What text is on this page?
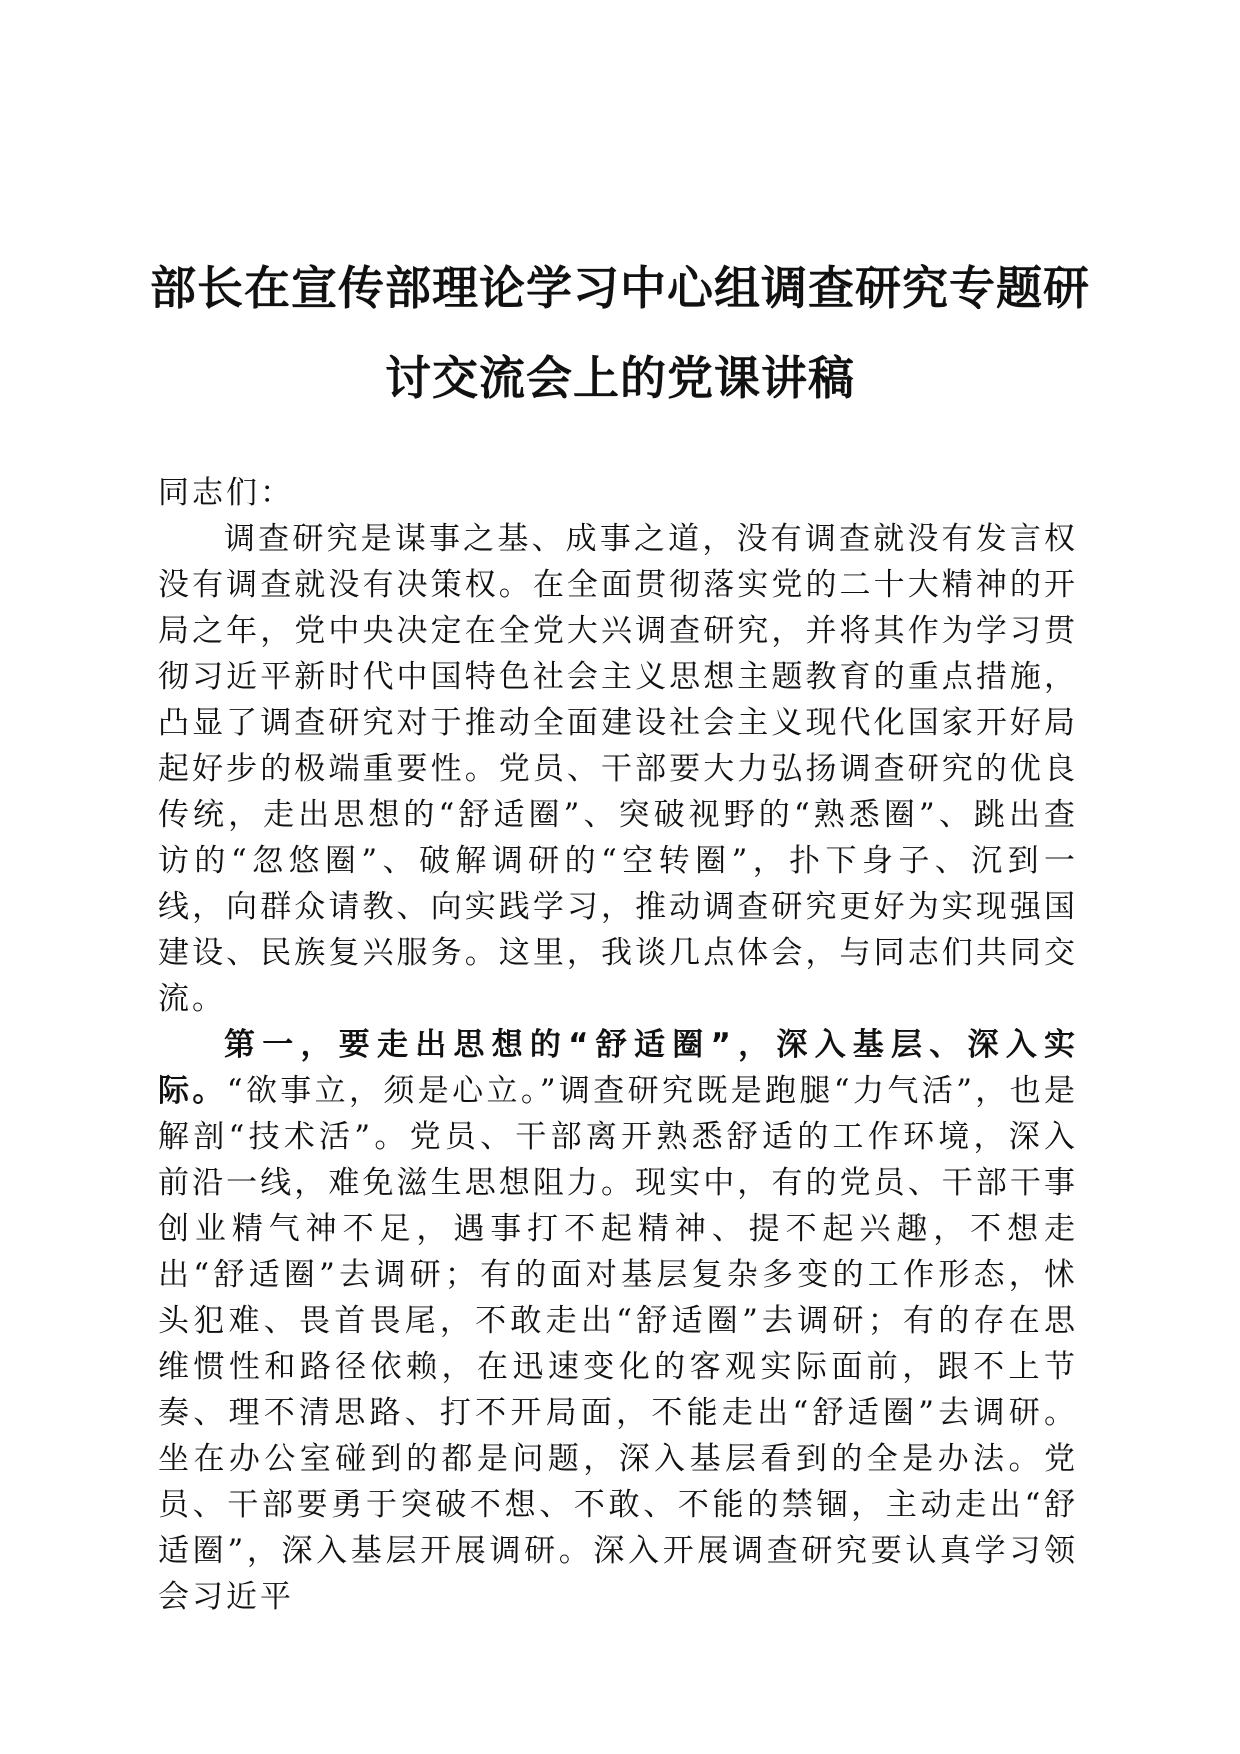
部长在宣传部理论学习中心组调查研究专题研
讨交流会上的党课讲稿

同志们：

调查研究是谋事之基、成事之道，没有调查就没有发言权没有调查就没有决策权。在全面贯彻落实党的二十大精神的开局之年，党中央决定在全党大兴调查研究，并将其作为学习贯彻习近平新时代中国特色社会主义思想主题教育的重点措施，凸显了调查研究对于推动全面建设社会主义现代化国家开好局起好步的极端重要性。党员、干部要大力弘扬调查研究的优良传统，走出思想的“舒适圈”、突破视野的“熟悉圈”、跳出查访的“忽悠圈”、破解调研的“空转圈”，扑下身子、沉到一线，向群众请教、向实践学习，推动调查研究更好为实现强国建设、民族复兴服务。这里，我谈几点体会，与同志们共同交流。

第一，要走出思想的“舒适圈”，深入基层、深入实际。“欲事立，须是心立。”调查研究既是跑腿“力气活”，也是解剖“技术活”。党员、干部离开熟悉舒适的工作环境，深入前沿一线，难免滋生思想阻力。现实中，有的党员、干部干事创业精气神不足，遇事打不起精神、提不起兴趣，不想走出“舒适圈”去调研；有的面对基层复杂多变的工作形态，怵头犯难、畏首畏尾，不敢走出“舒适圈”去调研；有的存在思维惯性和路径依赖，在迅速变化的客观实际面前，跟不上节奏、理不清思路、打不开局面，不能走出“舒适圈”去调研。坐在办公室碰到的都是问题，深入基层看到的全是办法。党员、干部要勇于突破不想、不敢、不能的禁锢，主动走出“舒适圈”，深入基层开展调研。深入开展调查研究要认真学习领会习近平
